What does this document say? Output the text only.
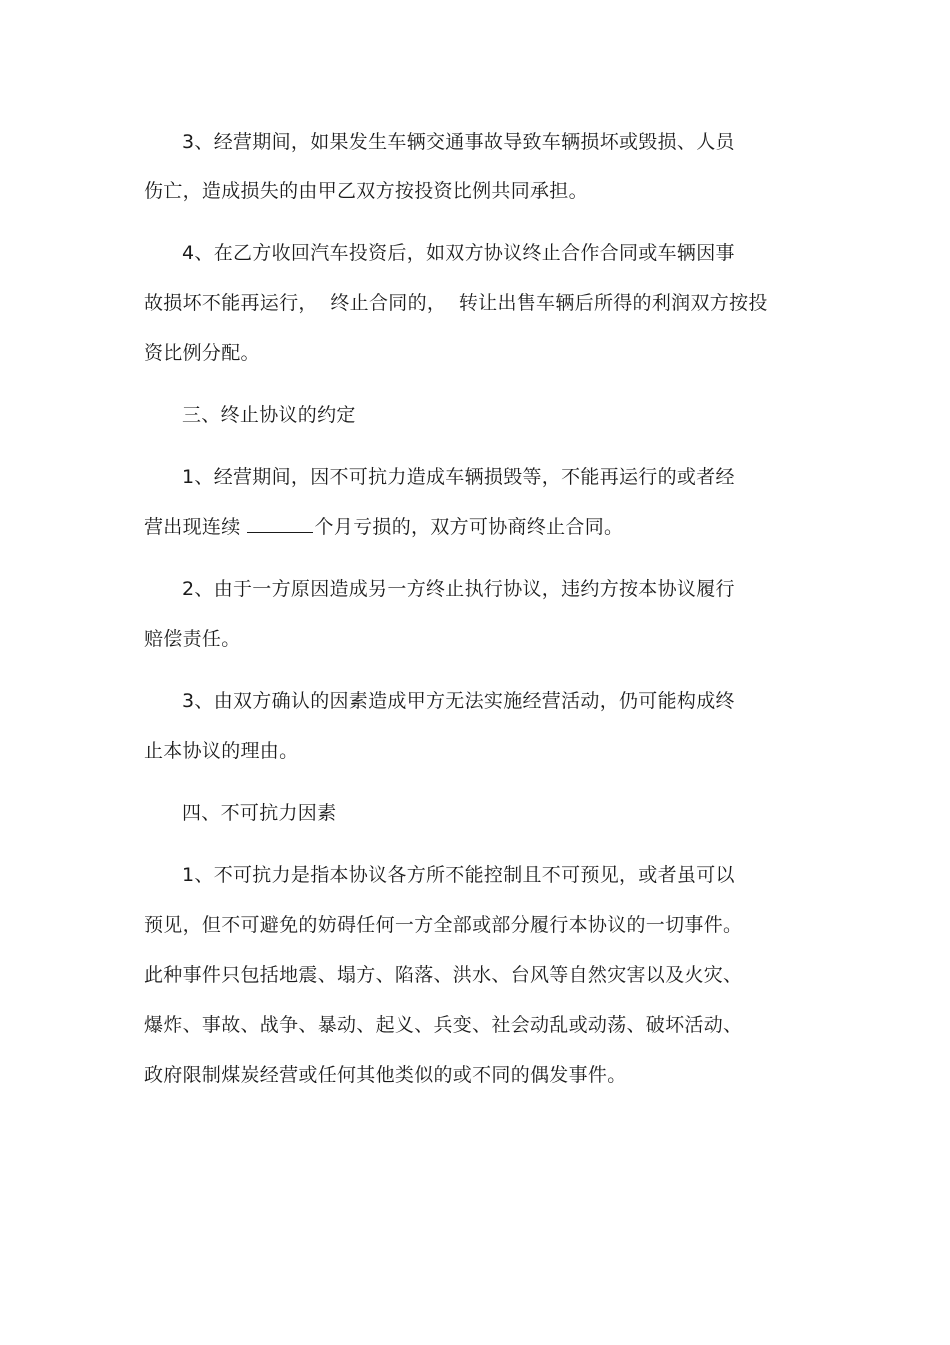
3、经营期间，如果发生车辆交通事故导致车辆损坏或毁损、人员
伤亡，造成损失的由甲乙双方按投资比例共同承担。
4、在乙方收回汽车投资后，如双方协议终止合作合同或车辆因事
故损坏不能再运行，  终止合同的，  转让出售车辆后所得的利润双方按投
资比例分配。
三、终止协议的约定
1、经营期间，因不可抗力造成车辆损毁等，不能再运行的或者经
营出现连续	个月亏损的，双方可协商终止合同。
2、由于一方原因造成另一方终止执行协议，违约方按本协议履行
赔偿责任。
3、由双方确认的因素造成甲方无法实施经营活动，仍可能构成终
止本协议的理由。
四、不可抗力因素
1、不可抗力是指本协议各方所不能控制且不可预见，或者虽可以
预见，但不可避免的妨碍任何一方全部或部分履行本协议的一切事件。
此种事件只包括地震、塌方、陷落、洪水、台风等自然灾害以及火灾、
爆炸、事故、战争、暴动、起义、兵变、社会动乱或动荡、破坏活动、
政府限制煤炭经营或任何其他类似的或不同的偶发事件。
